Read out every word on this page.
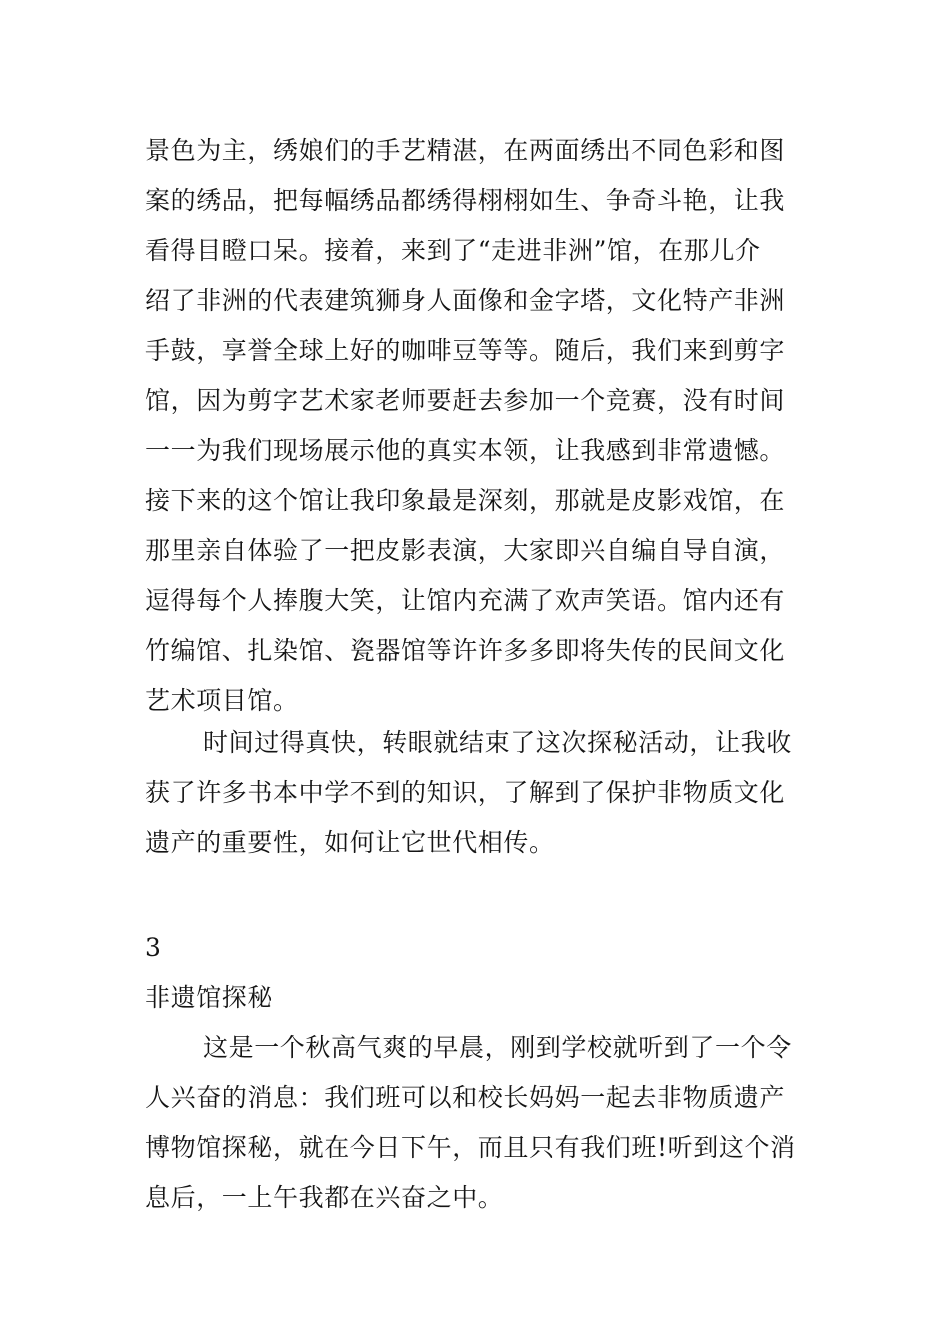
景色为主，绣娘们的手艺精湛，在两面绣出不同色彩和图
案的绣品，把每幅绣品都绣得栩栩如生、争奇斗艳，让我
看得目瞪口呆。接着，来到了“走进非洲”馆，在那儿介
绍了非洲的代表建筑狮身人面像和金字塔，文化特产非洲
手鼓，享誉全球上好的咖啡豆等等。随后，我们来到剪字
馆，因为剪字艺术家老师要赶去参加一个竞赛，没有时间
一一为我们现场展示他的真实本领，让我感到非常遗憾。
接下来的这个馆让我印象最是深刻，那就是皮影戏馆，在
那里亲自体验了一把皮影表演，大家即兴自编自导自演，
逗得每个人捧腹大笑，让馆内充满了欢声笑语。馆内还有
竹编馆、扎染馆、瓷器馆等许许多多即将失传的民间文化
艺术项目馆。
时间过得真快，转眼就结束了这次探秘活动，让我收
获了许多书本中学不到的知识，了解到了保护非物质文化
遗产的重要性，如何让它世代相传。
3
非遗馆探秘
这是一个秋高气爽的早晨，刚到学校就听到了一个令
人兴奋的消息：我们班可以和校长妈妈一起去非物质遗产
博物馆探秘，就在今日下午，而且只有我们班!听到这个消
息后，一上午我都在兴奋之中。
